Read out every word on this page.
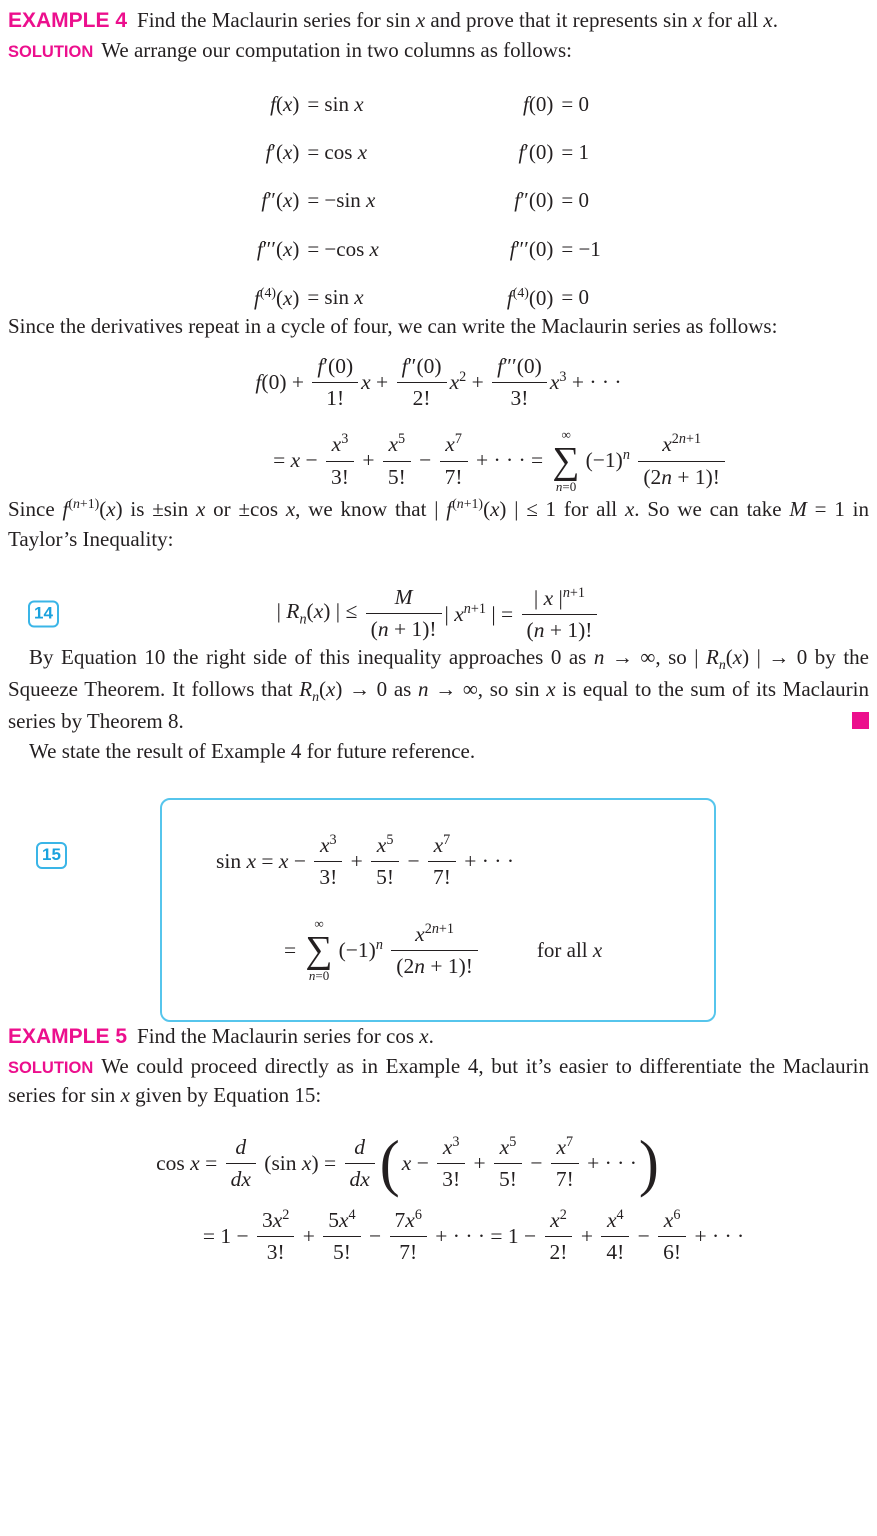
EXAMPLE 4 Find the Maclaurin series for sin x and prove that it represents sin x for all x.

SOLUTION We arrange our computation in two columns as follows:

f(x) = sin x	f(0) = 0
f′(x) = cos x	f′(0) = 1
f″(x) = −sin x	f″(0) = 0
f″′(x) = −cos x	f″′(0) = −1
$f^{(4)}(x) = \sin x$	$f^{(4)}(0) = 0$

Since the derivatives repeat in a cycle of four, we can write the Maclaurin series as follows:

$f(0) + \frac{f'(0)}{1!}$ $x + \frac{f''(0)}{2!} x^2 + \frac{f'''(0)}{3!} x^3$ + · · ·
= $x - \frac{x^3}{3!} + \frac{x^5}{5!} - \frac{x^7}{7!}$ + · · · =
∞
∑
n=0
$(-1)^n \frac{x^{2n+1}}{(2n + 1)!}$

Since $f^{(n+1)}(x)$ is ±sin x or ±cos x, we know that | $f^{(n+1)}(x)$ | ≤ 1 for all x. So we can take M = 1 in Taylor’s Inequality:

14	| $R_n(x)$ | ≤ $\frac{M}{(n + 1)!}$ | $x^{n+1}$ | = $\frac{| x |^{n+1}}{(n + 1)!}$

By Equation 10 the right side of this inequality approaches 0 as n → ∞, so | $R_n(x)$ | → 0 by the Squeeze Theorem. It follows that $R_n(x) \to 0$ as n → ∞, so sin x is equal to the sum of its Maclaurin series by Theorem 8.

We state the result of Example 4 for future reference.

15	$\sin x = x - \frac{x^3}{3!} + \frac{x^5}{5!} - \frac{x^7}{7!}$ + · · ·
=
∞
∑
n=0
$(-1)^n \frac{x^{2n+1}}{(2n + 1)!}$	for all x

EXAMPLE 5 Find the Maclaurin series for cos x.

SOLUTION We could proceed directly as in Example 4, but it’s easier to differentiate the Maclaurin series for sin x given by Equation 15:

$\cos x = \frac{d}{dx} (\sin$ $x) = \frac{d}{dx}$ ( $x - \frac{x^3}{3!} + \frac{x^5}{5!} - \frac{x^7}{7!}$ + · · · )
= $1 - \frac{3x^2}{3!} + \frac{5x^4}{5!} - \frac{7x^6}{7!}$ + · · · = $1 - \frac{x^2}{2!} + \frac{x^4}{4!} - \frac{x^6}{6!}$ + · · ·
